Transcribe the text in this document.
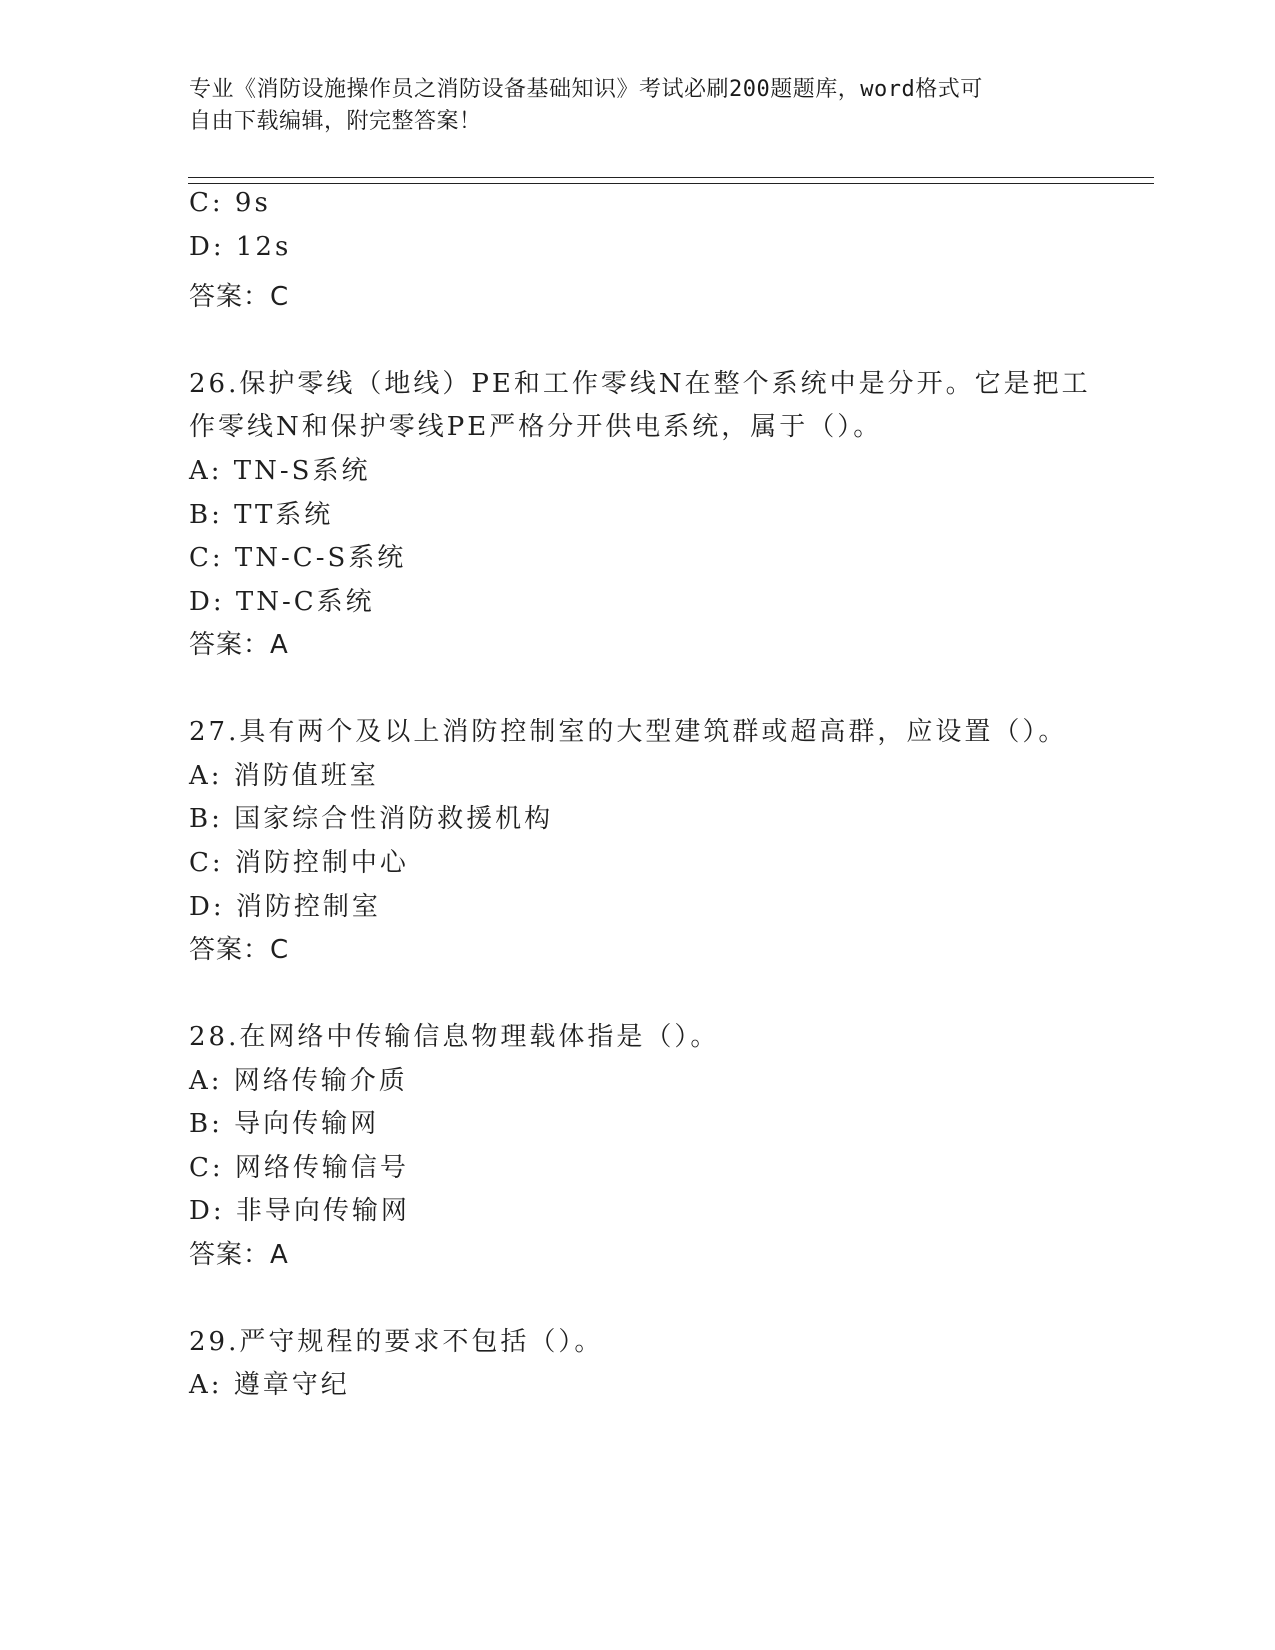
专业《消防设施操作员之消防设备基础知识》考试必刷200题题库，word格式可
自由下载编辑，附完整答案！
C: 9s
D: 12s
答案：C
26.保护零线（地线）PE和工作零线N在整个系统中是分开。它是把工
作零线N和保护零线PE严格分开供电系统，属于（）。
A: TN-S系统
B: TT系统
C: TN-C-S系统
D: TN-C系统
答案：A
27.具有两个及以上消防控制室的大型建筑群或超高群，应设置（）。
A: 消防值班室
B: 国家综合性消防救援机构
C: 消防控制中心
D: 消防控制室
答案：C
28.在网络中传输信息物理载体指是（）。
A: 网络传输介质
B: 导向传输网
C: 网络传输信号
D: 非导向传输网
答案：A
29.严守规程的要求不包括（）。
A: 遵章守纪
